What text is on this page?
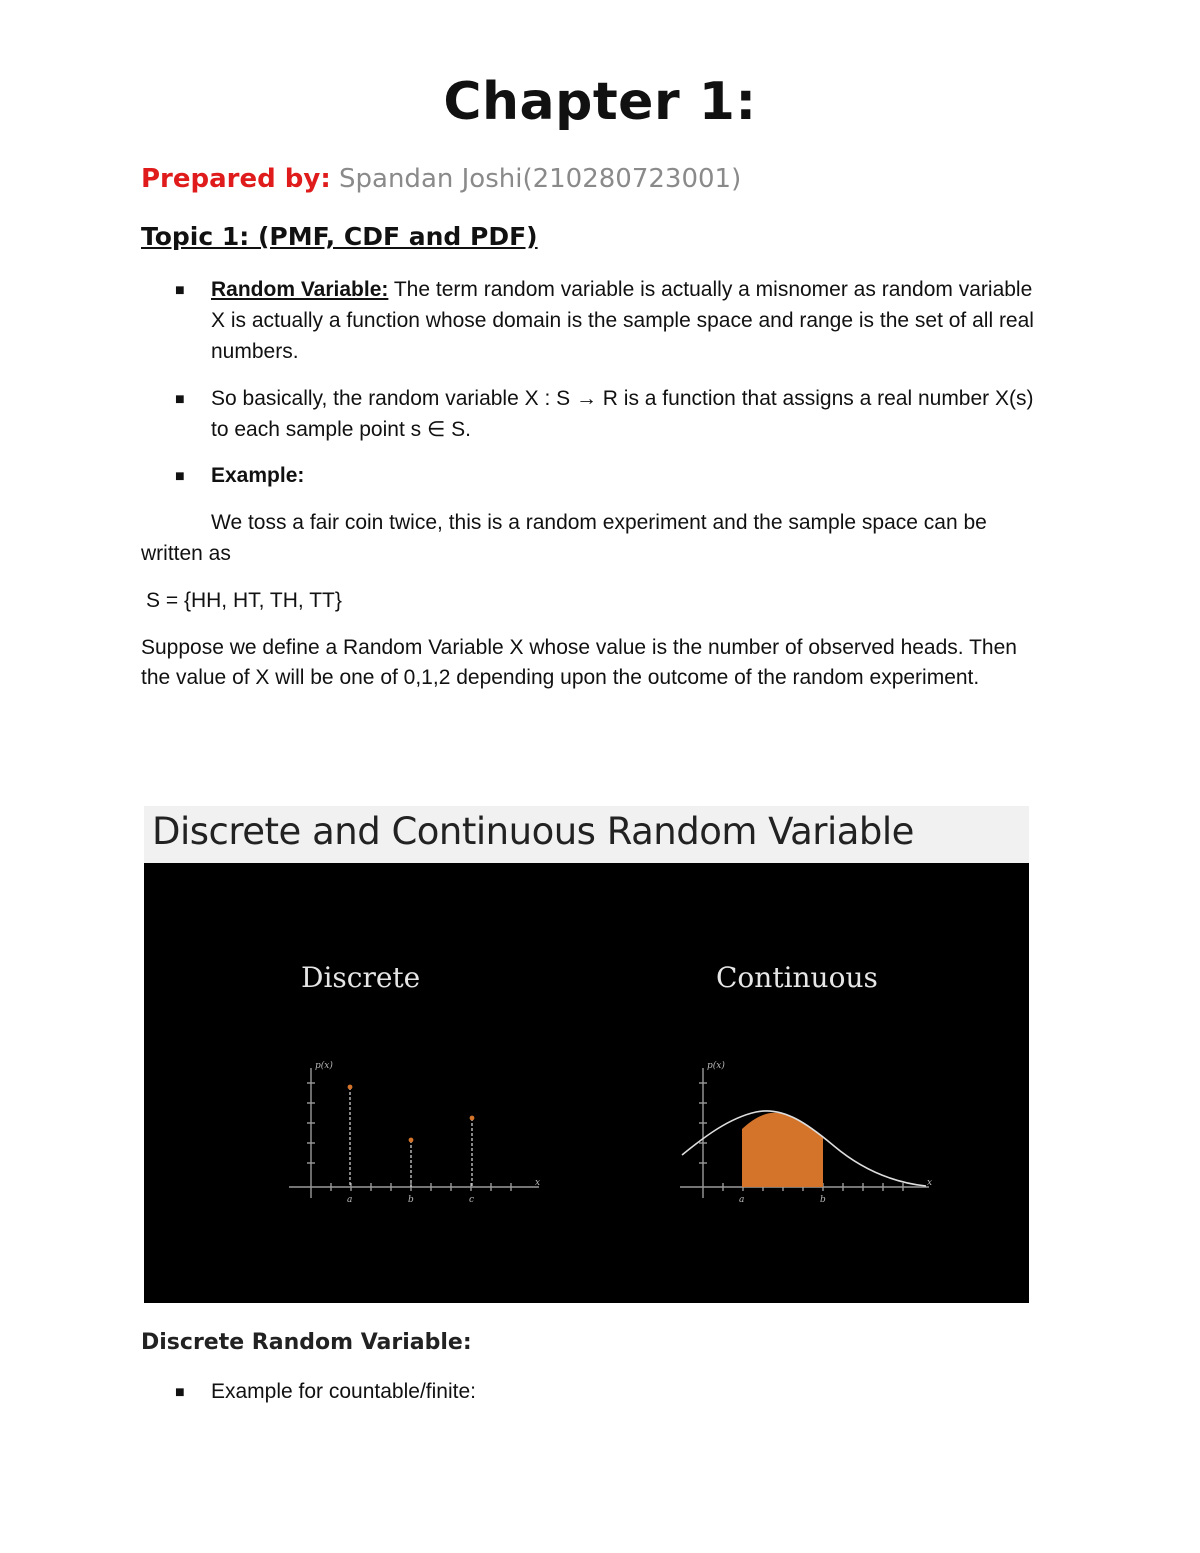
Chapter 1:
Prepared by: Spandan Joshi(210280723001)
Topic 1: (PMF, CDF and PDF)
■ Random Variable: The term random variable is actually a misnomer as random variable
X is actually a function whose domain is the sample space and range is the set of all real
numbers.
■ So basically, the random variable X : S → R is a function that assigns a real number X(s)
to each sample point s ∈ S.
■ Example:
We toss a fair coin twice, this is a random experiment and the sample space can be
written as
S = {HH, HT, TH, TT}
Suppose we define a Random Variable X whose value is the number of observed heads. Then
the value of X will be one of 0,1,2 depending upon the outcome of the random experiment.
Discrete and Continuous Random Variable
Discrete	Continuous
p(x)
x
a	b	c
p(x)
x
a	b
Discrete Random Variable:
■ Example for countable/finite:
